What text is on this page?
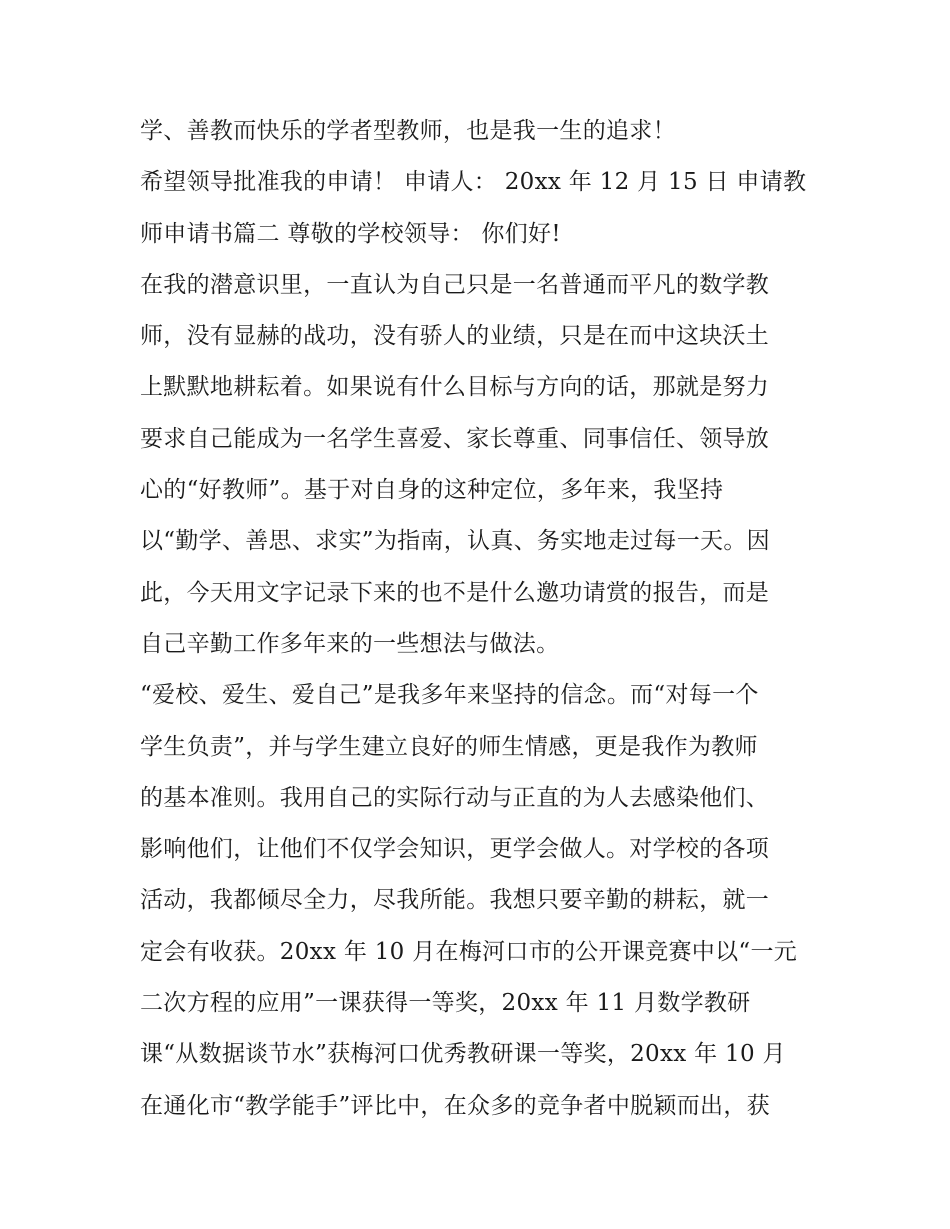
学、善教而快乐的学者型教师，也是我一生的追求！
希望领导批准我的申请！ 申请人： 20xx 年 12 月 15 日 申请教
师申请书篇二 尊敬的学校领导： 你们好!
在我的潜意识里，一直认为自己只是一名普通而平凡的数学教
师，没有显赫的战功，没有骄人的业绩，只是在而中这块沃土
上默默地耕耘着。如果说有什么目标与方向的话，那就是努力
要求自己能成为一名学生喜爱、家长尊重、同事信任、领导放
心的“好教师”。基于对自身的这种定位，多年来，我坚持
以“勤学、善思、求实”为指南，认真、务实地走过每一天。因
此，今天用文字记录下来的也不是什么邀功请赏的报告，而是
自己辛勤工作多年来的一些想法与做法。
“爱校、爱生、爱自己”是我多年来坚持的信念。而“对每一个
学生负责”，并与学生建立良好的师生情感，更是我作为教师
的基本准则。我用自己的实际行动与正直的为人去感染他们、
影响他们，让他们不仅学会知识，更学会做人。对学校的各项
活动，我都倾尽全力，尽我所能。我想只要辛勤的耕耘，就一
定会有收获。20xx 年 10 月在梅河口市的公开课竞赛中以“一元
二次方程的应用”一课获得一等奖，20xx 年 11 月数学教研
课“从数据谈节水”获梅河口优秀教研课一等奖，20xx 年 10 月
在通化市“教学能手”评比中，在众多的竞争者中脱颖而出，获
